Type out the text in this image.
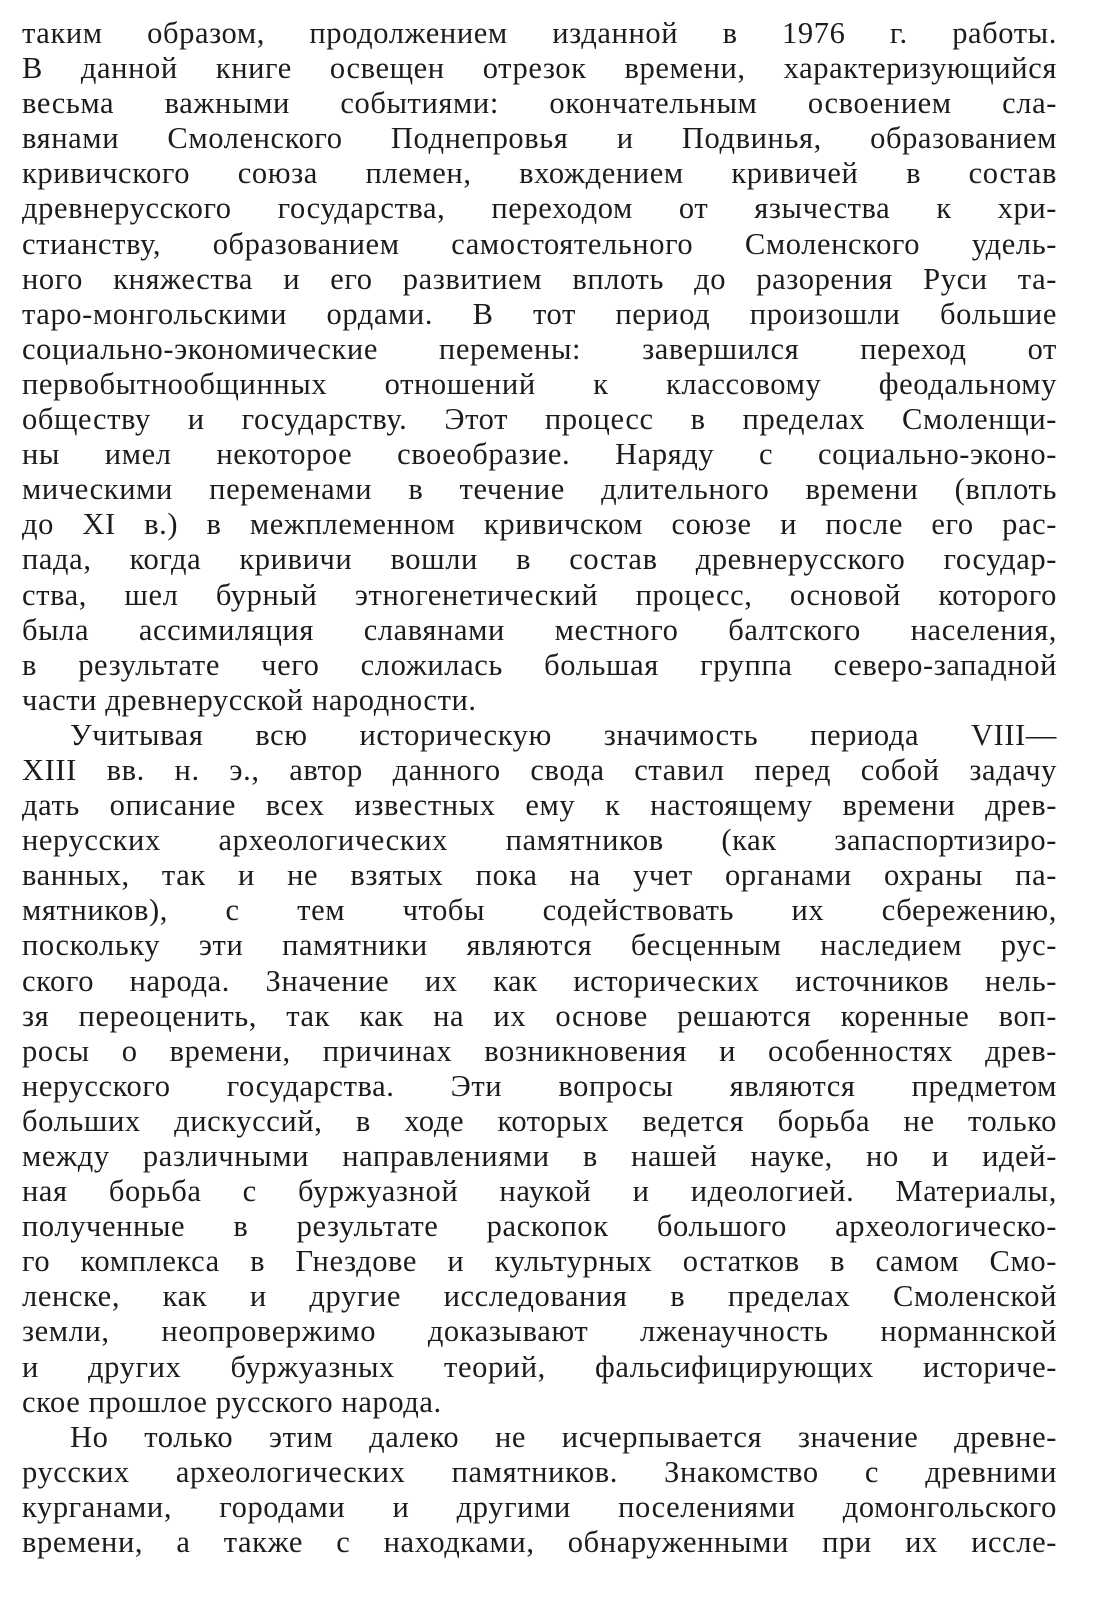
таким образом, продолжением изданной в 1976 г. работы.
В данной книге освещен отрезок времени, характеризующийся
весьма важными событиями: окончательным освоением сла-
вянами Смоленского Поднепровья и Подвинья, образованием
кривичского союза племен, вхождением кривичей в состав
древнерусского государства, переходом от язычества к хри-
стианству, образованием самостоятельного Смоленского удель-
ного княжества и его развитием вплоть до разорения Руси та-
таро-монгольскими ордами. В тот период произошли большие
социально-экономические перемены: завершился переход от
первобытнообщинных отношений к классовому феодальному
обществу и государству. Этот процесс в пределах Смоленщи-
ны имел некоторое своеобразие. Наряду с социально-эконо-
мическими переменами в течение длительного времени (вплоть
до XI в.) в межплеменном кривичском союзе и после его рас-
пада, когда кривичи вошли в состав древнерусского государ-
ства, шел бурный этногенетический процесс, основой которого
была ассимиляция славянами местного балтского населения,
в результате чего сложилась большая группа северо-западной
части древнерусской народности.
Учитывая всю историческую значимость периода VIII—
XIII вв. н. э., автор данного свода ставил перед собой задачу
дать описание всех известных ему к настоящему времени древ-
нерусских археологических памятников (как запаспортизиро-
ванных, так и не взятых пока на учет органами охраны па-
мятников), с тем чтобы содействовать их сбережению,
поскольку эти памятники являются бесценным наследием рус-
ского народа. Значение их как исторических источников нель-
зя переоценить, так как на их основе решаются коренные воп-
росы о времени, причинах возникновения и особенностях древ-
нерусского государства. Эти вопросы являются предметом
больших дискуссий, в ходе которых ведется борьба не только
между различными направлениями в нашей науке, но и идей-
ная борьба с буржуазной наукой и идеологией. Материалы,
полученные в результате раскопок большого археологическо-
го комплекса в Гнездове и культурных остатков в самом Смо-
ленске, как и другие исследования в пределах Смоленской
земли, неопровержимо доказывают лженаучность норманнской
и других буржуазных теорий, фальсифицирующих историче-
ское прошлое русского народа.
Но только этим далеко не исчерпывается значение древне-
русских археологических памятников. Знакомство с древними
курганами, городами и другими поселениями домонгольского
времени, а также с находками, обнаруженными при их иссле-
